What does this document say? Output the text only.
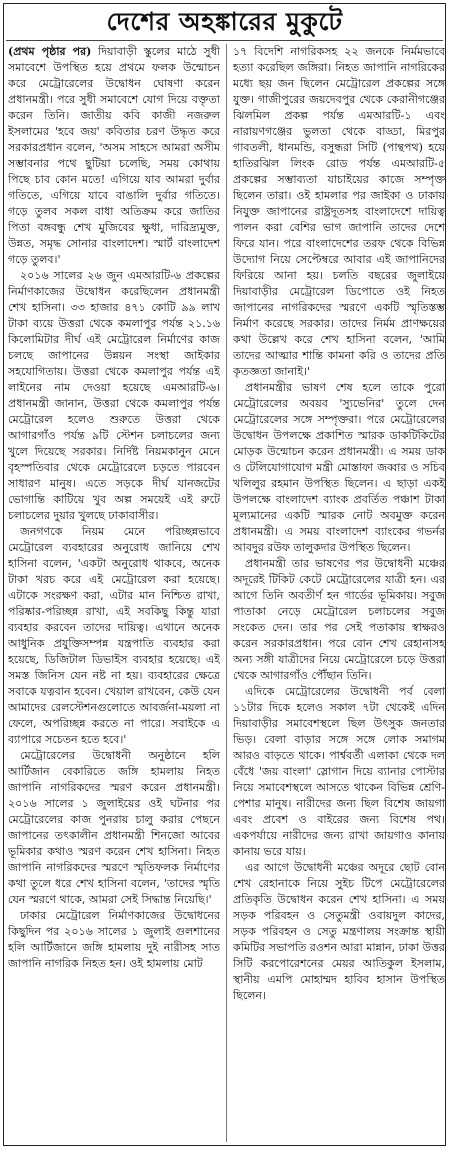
দেশের অহঙ্কারের মুকুটে

(প্রথম পৃষ্ঠার পর) দিয়াবাড়ী স্কুলের মাঠে সুধী সমাবেশে উপস্থিত হয়ে প্রথমে ফলক উন্মোচন করে মেট্রোরেলের উদ্বোধন ঘোষণা করেন প্রধানমন্ত্রী। পরে সুধী সমাবেশে যোগ দিয়ে বক্তৃতা করেন তিনি। জাতীয় কবি কাজী নজরুল ইসলামের 'হবে জয়' কবিতার চরণ উদ্ধৃত করে সরকারপ্রধান বলেন, 'অসম সাহসে আমরা অসীম সম্ভাবনার পথে ছুটিয়া চলেছি, সময় কোথায় পিছে চাব কোন মতে! এগিয়ে যাব আমরা দুর্বার গতিতে, এগিয়ে যাবে বাঙালি দুর্বার গতিতে। গড়ে তুলব সকল বাধা অতিক্রম করে জাতির পিতা বঙ্গবন্ধু শেখ মুজিবের ক্ষুধা, দারিদ্র্যমুক্ত, উন্নত, সমৃদ্ধ সোনার বাংলাদেশ। স্মার্ট বাংলাদেশ গড়ে তুলব।'

২০১৬ সালের ২৬ জুন এমআরটি-৬ প্রকল্পের নির্মাণকাজের উদ্বোধন করেছিলেন প্রধানমন্ত্রী শেখ হাসিনা। ৩৩ হাজার ৪৭১ কোটি ৯৯ লাখ টাকা ব্যয়ে উত্তরা থেকে কমলাপুর পর্যন্ত ২১.১৬ কিলোমিটার দীর্ঘ এই মেট্রোরেল নির্মাণের কাজ চলছে জাপানের উন্নয়ন সংস্থা জাইকার সহযোগিতায়। উত্তরা থেকে কমলাপুর পর্যন্ত এই লাইনের নাম দেওয়া হয়েছে এমআরটি-৬। প্রধানমন্ত্রী জানান, উত্তরা থেকে কমলাপুর পর্যন্ত মেট্রোরেল হলেও শুরুতে উত্তরা থেকে আগারগাঁও পর্যন্ত ৯টি স্টেশন চলাচলের জন্য খুলে দিয়েছে সরকার। নির্দিষ্ট নিয়মকানুন মেনে বৃহস্পতিবার থেকে মেট্রোরেলে চড়তে পারবেন সাধারণ মানুষ। এতে সড়কে দীর্ঘ যানজটের ভোগান্তি কাটিয়ে খুব অল্প সময়েই এই রুটে চলাচলের দুয়ার খুলছে ঢাকাবাসীর।

জনগণকে নিয়ম মেনে পরিচ্ছন্নভাবে মেট্রোরেল ব্যবহারের অনুরোধ জানিয়ে শেখ হাসিনা বলেন, 'একটা অনুরোধ থাকবে, অনেক টাকা খরচ করে এই মেট্রোরেল করা হয়েছে। এটাকে সংরক্ষণ করা, এটার মান নিশ্চিত রাখা, পরিষ্কার-পরিচ্ছন্ন রাখা, এই সবকিছু কিন্তু যারা ব্যবহার করবেন তাদের দায়িত্ব। এখানে অনেক আধুনিক প্রযুক্তিসম্পন্ন যন্ত্রপাতি ব্যবহার করা হয়েছে, ডিজিটাল ডিভাইস ব্যবহার হয়েছে। এই সমস্ত জিনিস যেন নষ্ট না হয়। ব্যবহারের ক্ষেত্রে সবাকে যত্নবান হবেন। খেয়াল রাখবেন, কেউ যেন আমাদের রেলস্টেশনগুলোতে আবর্জনা-ময়লা না ফেলে, অপরিচ্ছন্ন করতে না পারে। সবাইকে এ ব্যাপারে সচেতন হতে হবে।'

মেট্রোরেলের উদ্বোধনী অনুষ্ঠানে হলি আর্টিজান বেকারিতে জঙ্গি হামলায় নিহত জাপানি নাগরিকদের স্মরণ করেন প্রধানমন্ত্রী। ২০১৬ সালের ১ জুলাইয়ের ওই ঘটনার পর মেট্রোরেলের কাজ পুনরায় চালু করার পেছনে জাপানের তৎকালীন প্রধানমন্ত্রী শিনজো আবের ভূমিকার কথাও স্মরণ করেন শেখ হাসিনা। নিহত জাপানি নাগরিকদের স্মরণে স্মৃতিফলক নির্মাণের কথা তুলে ধরে শেখ হাসিনা বলেন, 'তাদের স্মৃতি যেন স্মরণে থাকে, আমরা সেই সিদ্ধান্ত নিয়েছি।'

ঢাকার মেট্রোরেল নির্মাণকাজের উদ্বোধনের কিছুদিন পর ২০১৬ সালের ১ জুলাই গুলশানের হলি আর্টিজানে জঙ্গি হামলায় দুই নারীসহ সাত জাপানি নাগরিক নিহত হন। ওই হামলায় মোট

১৭ বিদেশি নাগরিকসহ ২২ জনকে নির্মমভাবে হত্যা করেছিল জঙ্গিরা। নিহত জাপানি নাগরিকের মধ্যে ছয় জন ছিলেন মেট্রোরেল প্রকল্পের সঙ্গে যুক্ত। গাজীপুরের জয়দেবপুর থেকে কেরানীগঞ্জের ঝিলমিল প্রকল্প পর্যন্ত এমআরটি-১ এবং নারায়ণগঞ্জের ভুলতা থেকে বাড্ডা, মিরপুর গাবতলী, ধানমন্ডি, বসুন্ধরা সিটি (পান্থপথ) হয়ে হাতিরঝিল লিংক রোড পর্যন্ত এমআরটি-৫ প্রকল্পের সম্ভাব্যতা যাচাইয়ের কাজে সম্পৃক্ত ছিলেন তারা। ওই হামলার পর জাইকা ও ঢাকায় নিযুক্ত জাপানের রাষ্ট্রদূতসহ বাংলাদেশে দায়িত্ব পালন করা বেশির ভাগ জাপানি তাদের দেশে ফিরে যান। পরে বাংলাদেশের তরফ থেকে বিভিন্ন উদ্যোগ নিয়ে সেপ্টেম্বরে আবার এই জাপানিদের ফিরিয়ে আনা হয়। চলতি বছরের জুলাইয়ে দিয়াবাড়ীর মেট্রোরেল ডিপোতে ওই নিহত জাপানের নাগরিকদের স্মরণে একটি স্মৃতিস্তম্ভ নির্মাণ করেছে সরকার। তাদের নির্মম প্রাণক্ষয়ের কথা উল্লেখ করে শেখ হাসিনা বলেন, 'আমি তাদের আত্মার শান্তি কামনা করি ও তাদের প্রতি কৃতজ্ঞতা জানাই।'

প্রধানমন্ত্রীর ভাষণ শেষ হলে তাকে পুরো মেট্রোরেলের অবয়ব 'স্যুভেনির' তুলে দেন মেট্রোরেলের সঙ্গে সম্পৃক্তরা। পরে মেট্রোরেলের উদ্বোধন উপলক্ষে প্রকাশিত স্মারক ডাকটিকিটের মোড়ক উন্মোচন করেন প্রধানমন্ত্রী। এ সময় ডাক ও টেলিযোগাযোগ মন্ত্রী মোস্তাফা জব্বার ও সচিব খলিলুর রহমান উপস্থিত ছিলেন। এ ছাড়া একই উপলক্ষে বাংলাদেশ ব্যাংক প্রবর্তিত পঞ্চাশ টাকা মূল্যমানের একটি স্মারক নোট অবমুক্ত করেন প্রধানমন্ত্রী। এ সময় বাংলাদেশ ব্যাংকের গভর্নর আবদুর রউফ তালুকদার উপস্থিত ছিলেন।

প্রধানমন্ত্রী তার ভাষণের পর উদ্বোধনী মঞ্চের অদূরেই টিকিট কেটে মেট্রোরেলের যাত্রী হন। এর আগে তিনি অবতীর্ণ হন গার্ডের ভূমিকায়। সবুজ পাতাকা নেড়ে মেট্রোরেল চলাচলের সবুজ সংকেত দেন। তার পর সেই পতাকায় স্বাক্ষরও করেন সরকারপ্রধান। পরে বোন শেখ রেহানাসহ অন্য সঙ্গী যাত্রীদের নিয়ে মেট্রোরেলে চড়ে উত্তরা থেকে আগারগাঁও পৌঁছান তিনি।

এদিকে মেট্রোরেলের উদ্বোধনী পর্ব বেলা ১১টার দিকে হলেও সকাল ৭টা থেকেই এদিন দিয়াবাড়ীর সমাবেশস্থলে ছিল উৎসুক জনতার ভিড়। বেলা বাড়ার সঙ্গে সঙ্গে লোক সমাগম আরও বাড়তে থাকে। পার্শ্ববর্তী এলাকা থেকে দল বেঁধে 'জয় বাংলা' স্লোগান দিয়ে ব্যানার পোস্টার নিয়ে সমাবেশস্থলে আসতে থাকেন বিভিন্ন শ্রেণি-পেশার মানুষ। নারীদের জন্য ছিল বিশেষ জায়গা এবং প্রবেশ ও বাইরের জন্য বিশেষ পথ। একপর্যায়ে নারীদের জন্য রাখা জায়গাও কানায় কানায় ভরে যায়।

এর আগে উদ্বোধনী মঞ্চের অদূরে ছোট বোন শেখ রেহানাকে নিয়ে সুইচ টিপে মেট্রোরেলের প্রতিকৃতি উদ্বোধন করেন শেখ হাসিনা। এ সময় সড়ক পরিবহন ও সেতুমন্ত্রী ওবায়দুল কাদের, সড়ক পরিবহন ও সেতু মন্ত্রণালয় সংক্রান্ত স্থায়ী কমিটির সভাপতি রওশন আরা মান্নান, ঢাকা উত্তর সিটি করপোরেশনের মেয়র আতিকুল ইসলাম, স্থানীয় এমপি মোহাম্মদ হাবিব হাসান উপস্থিত ছিলেন।
